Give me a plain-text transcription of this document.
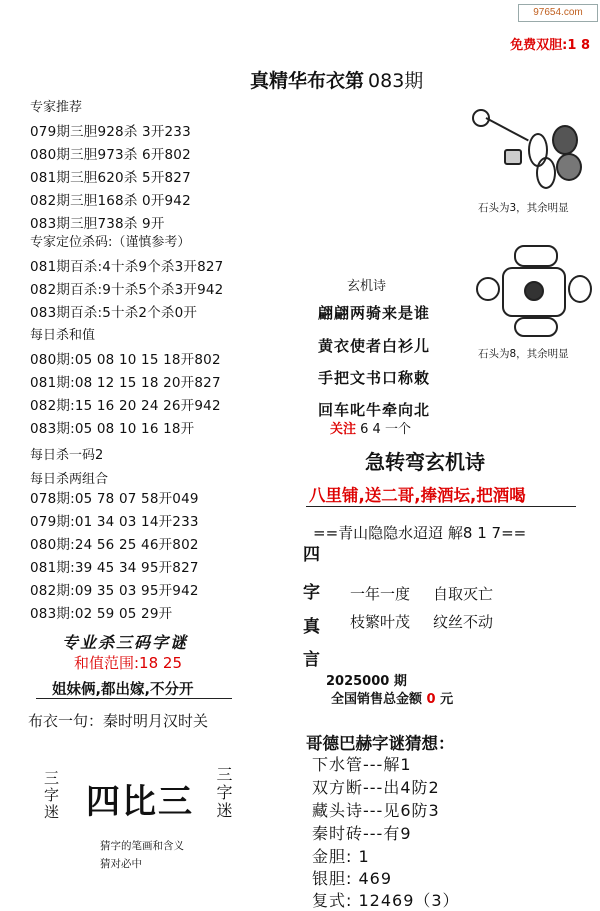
97654.com
免费双胆:1 8
真精华布衣第 083期
专家推荐
079期三胆928杀 3开233
080期三胆973杀 6开802
081期三胆620杀 5开827
082期三胆168杀 0开942
083期三胆738杀 9开
专家定位杀码:（谨慎参考）
081期百杀:4十杀9个杀3开827
082期百杀:9十杀5个杀3开942
083期百杀:5十杀2个杀0开
每日杀和值
080期:05 08 10 15 18开802
081期:08 12 15 18 20开827
082期:15 16 20 24 26开942
083期:05 08 10 16 18开
每日杀一码2
每日杀两组合
078期:05 78 07 58开049
079期:01 34 03 14开233
080期:24 56 25 46开802
081期:39 45 34 95开827
082期:09 35 03 95开942
083期:02 59 05 29开
专业杀三码字谜
和值范围:18 25
姐妹俩,都出嫁,不分开
布衣一句：秦时明月汉时关
三字迷 四比三 三字迷
猜字的笔画和含义
猜对必中
石头为3，其余明显
石头为8，其余明显
玄机诗
翩翩两骑来是谁
黄衣使者白衫儿
手把文书口称敕
回车叱牛牵向北
关注 6 4 一个
急转弯玄机诗
八里铺,送二哥,捧酒坛,把酒喝
==青山隐隐水迢迢 解8 1 7==
四
字
真
言
一年一度 自取灭亡
枝繁叶茂 纹丝不动
2025000 期
全国销售总金额 0 元
哥德巴赫字谜猜想：
下水管---解1
双方断---出4防2
藏头诗---见6防3
秦时砖---有9
金胆: 1
银胆: 469
复式: 12469（3）
